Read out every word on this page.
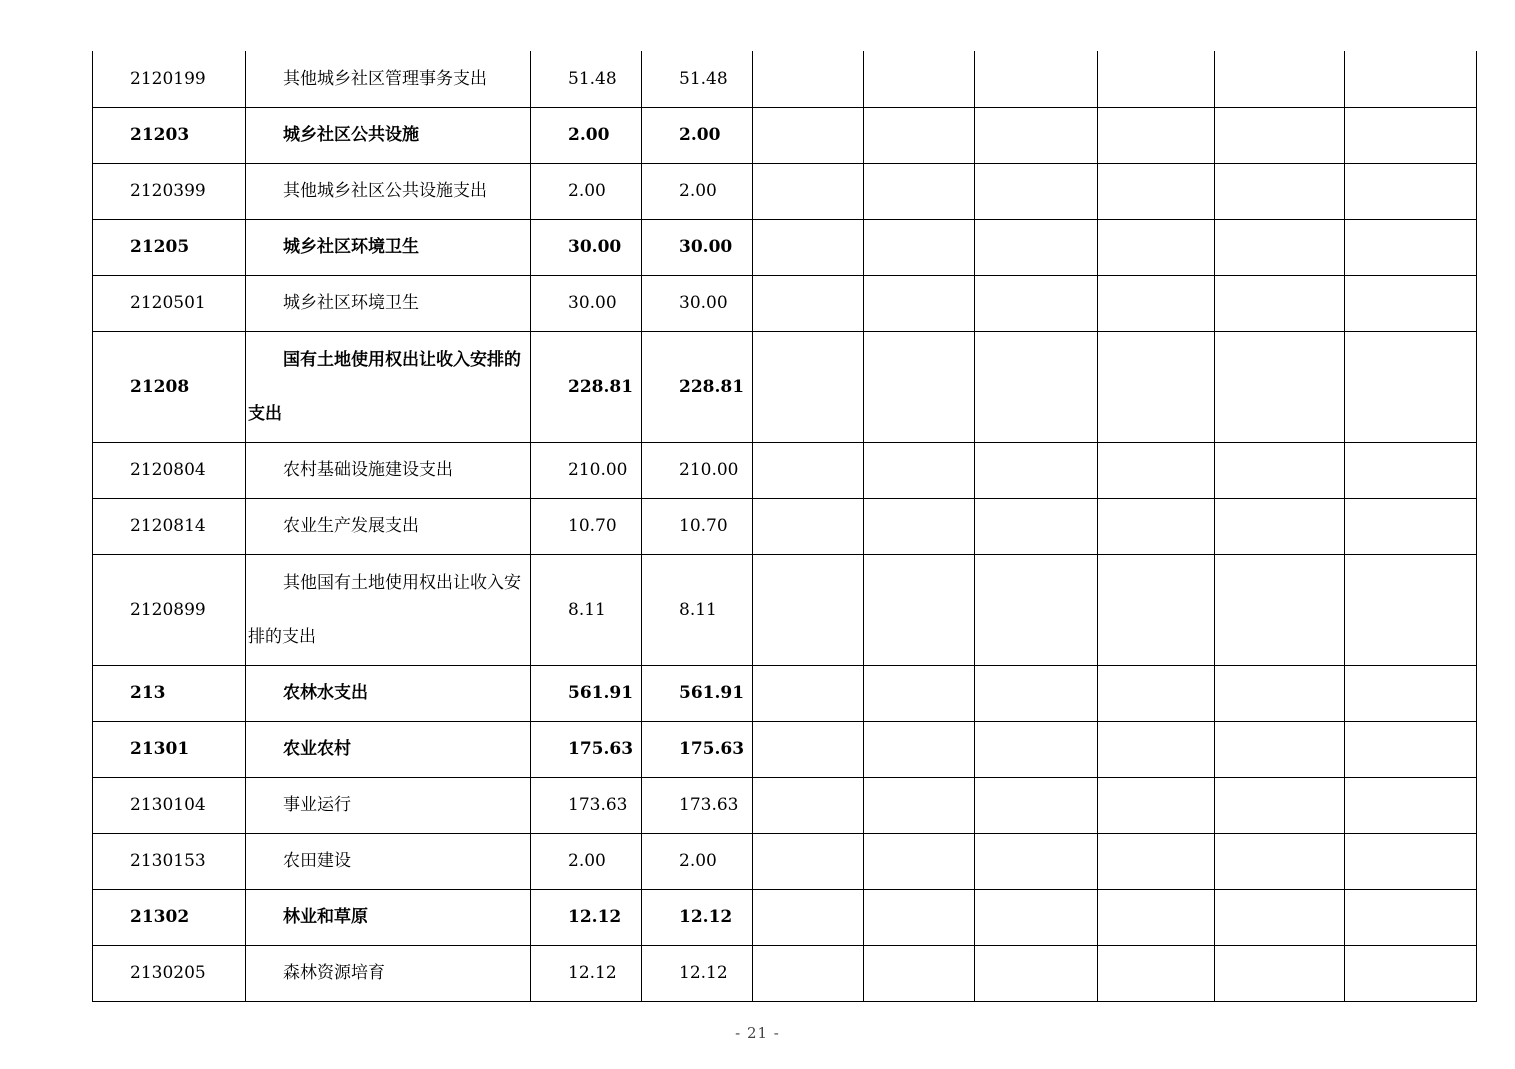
2120199	其他城乡社区管理事务支出	51.48	51.48						
21203	城乡社区公共设施	2.00	2.00						
2120399	其他城乡社区公共设施支出	2.00	2.00						
21205	城乡社区环境卫生	30.00	30.00						
2120501	城乡社区环境卫生	30.00	30.00						
21208	国有土地使用权出让收入安排的支出	228.81	228.81						
2120804	农村基础设施建设支出	210.00	210.00						
2120814	农业生产发展支出	10.70	10.70						
2120899	其他国有土地使用权出让收入安排的支出	8.11	8.11						
213	农林水支出	561.91	561.91						
21301	农业农村	175.63	175.63						
2130104	事业运行	173.63	173.63						
2130153	农田建设	2.00	2.00						
21302	林业和草原	12.12	12.12						
2130205	森林资源培育	12.12	12.12						
- 21 -
